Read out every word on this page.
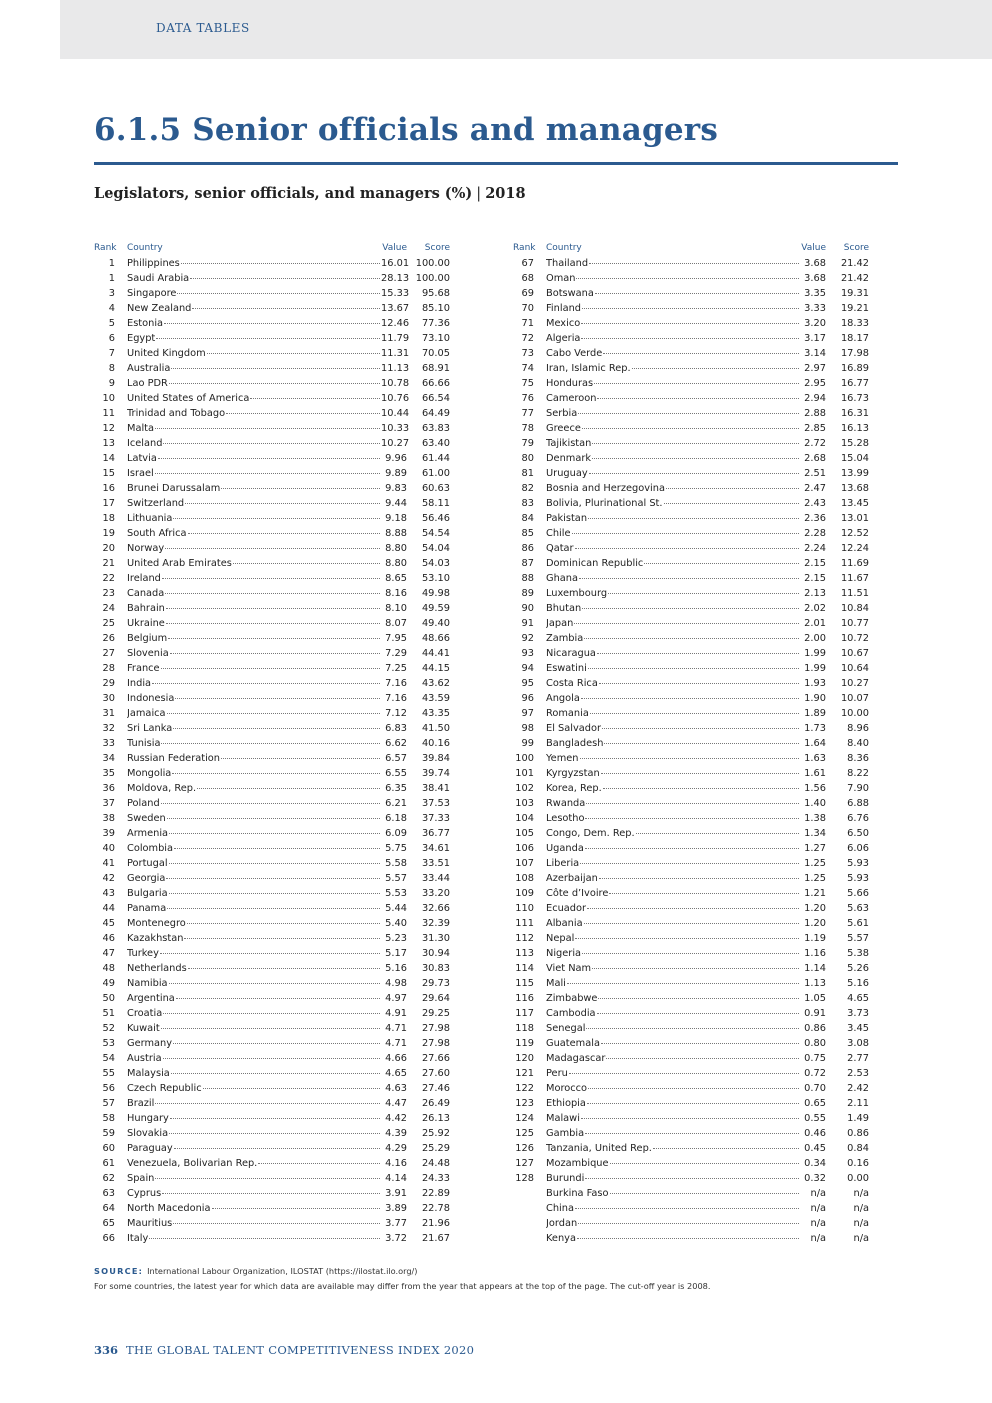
DATA TABLES
6.1.5 Senior officials and managers
Legislators, senior officials, and managers (%) | 2018
Rank Country	Value	Score
1 Philippines	16.01 100.00
1 Saudi Arabia	28.13 100.00
3 Singapore	15.33	95.68
4 New Zealand	13.67	85.10
5 Estonia	12.46	77.36
6 Egypt	11.79	73.10
7 United Kingdom	11.31	70.05
8 Australia	11.13	68.91
9 Lao PDR	10.78	66.66
10 United States of America	10.76	66.54
11 Trinidad and Tobago	10.44	64.49
12 Malta	10.33	63.83
13 Iceland	10.27	63.40
14 Latvia	9.96	61.44
15 Israel	9.89	61.00
16 Brunei Darussalam	9.83	60.63
17 Switzerland	9.44	58.11
18 Lithuania	9.18	56.46
19 South Africa	8.88	54.54
20 Norway	8.80	54.04
21 United Arab Emirates	8.80	54.03
22 Ireland	8.65	53.10
23 Canada	8.16	49.98
24 Bahrain	8.10	49.59
25 Ukraine	8.07	49.40
26 Belgium	7.95	48.66
27 Slovenia	7.29	44.41
28 France	7.25	44.15
29 India	7.16	43.62
30 Indonesia	7.16	43.59
31 Jamaica	7.12	43.35
32 Sri Lanka	6.83	41.50
33 Tunisia	6.62	40.16
34 Russian Federation	6.57	39.84
35 Mongolia	6.55	39.74
36 Moldova, Rep.	6.35	38.41
37 Poland	6.21	37.53
38 Sweden	6.18	37.33
39 Armenia	6.09	36.77
40 Colombia	5.75	34.61
41 Portugal	5.58	33.51
42 Georgia	5.57	33.44
43 Bulgaria	5.53	33.20
44 Panama	5.44	32.66
45 Montenegro	5.40	32.39
46 Kazakhstan	5.23	31.30
47 Turkey	5.17	30.94
48 Netherlands	5.16	30.83
49 Namibia	4.98	29.73
50 Argentina	4.97	29.64
51 Croatia	4.91	29.25
52 Kuwait	4.71	27.98
53 Germany	4.71	27.98
54 Austria	4.66	27.66
55 Malaysia	4.65	27.60
56 Czech Republic	4.63	27.46
57 Brazil	4.47	26.49
58 Hungary	4.42	26.13
59 Slovakia	4.39	25.92
60 Paraguay	4.29	25.29
61 Venezuela, Bolivarian Rep.	4.16	24.48
62 Spain	4.14	24.33
63 Cyprus	3.91	22.89
64 North Macedonia	3.89	22.78
65 Mauritius	3.77	21.96
66 Italy	3.72	21.67
Rank Country	Value	Score
67 Thailand	3.68	21.42
68 Oman	3.68	21.42
69 Botswana	3.35	19.31
70 Finland	3.33	19.21
71 Mexico	3.20	18.33
72 Algeria	3.17	18.17
73 Cabo Verde	3.14	17.98
74 Iran, Islamic Rep.	2.97	16.89
75 Honduras	2.95	16.77
76 Cameroon	2.94	16.73
77 Serbia	2.88	16.31
78 Greece	2.85	16.13
79 Tajikistan	2.72	15.28
80 Denmark	2.68	15.04
81 Uruguay	2.51	13.99
82 Bosnia and Herzegovina	2.47	13.68
83 Bolivia, Plurinational St.	2.43	13.45
84 Pakistan	2.36	13.01
85 Chile	2.28	12.52
86 Qatar	2.24	12.24
87 Dominican Republic	2.15	11.69
88 Ghana	2.15	11.67
89 Luxembourg	2.13	11.51
90 Bhutan	2.02	10.84
91 Japan	2.01	10.77
92 Zambia	2.00	10.72
93 Nicaragua	1.99	10.67
94 Eswatini	1.99	10.64
95 Costa Rica	1.93	10.27
96 Angola	1.90	10.07
97 Romania	1.89	10.00
98 El Salvador	1.73	8.96
99 Bangladesh	1.64	8.40
100 Yemen	1.63	8.36
101 Kyrgyzstan	1.61	8.22
102 Korea, Rep.	1.56	7.90
103 Rwanda	1.40	6.88
104 Lesotho	1.38	6.76
105 Congo, Dem. Rep.	1.34	6.50
106 Uganda	1.27	6.06
107 Liberia	1.25	5.93
108 Azerbaijan	1.25	5.93
109 Côte d’Ivoire	1.21	5.66
110 Ecuador	1.20	5.63
111 Albania	1.20	5.61
112 Nepal	1.19	5.57
113 Nigeria	1.16	5.38
114 Viet Nam	1.14	5.26
115 Mali	1.13	5.16
116 Zimbabwe	1.05	4.65
117 Cambodia	0.91	3.73
118 Senegal	0.86	3.45
119 Guatemala	0.80	3.08
120 Madagascar	0.75	2.77
121 Peru	0.72	2.53
122 Morocco	0.70	2.42
123 Ethiopia	0.65	2.11
124 Malawi	0.55	1.49
125 Gambia	0.46	0.86
126 Tanzania, United Rep.	0.45	0.84
127 Mozambique	0.34	0.16
128 Burundi	0.32	0.00
Burkina Faso	n/a	n/a
China	n/a	n/a
Jordan	n/a	n/a
Kenya	n/a	n/a
SOURCE: International Labour Organization, ILOSTAT (https://ilostat.ilo.org/)
For some countries, the latest year for which data are available may differ from the year that appears at the top of the page. The cut-off year is 2008.
336 THE GLOBAL TALENT COMPETITIVENESS INDEX 2020
